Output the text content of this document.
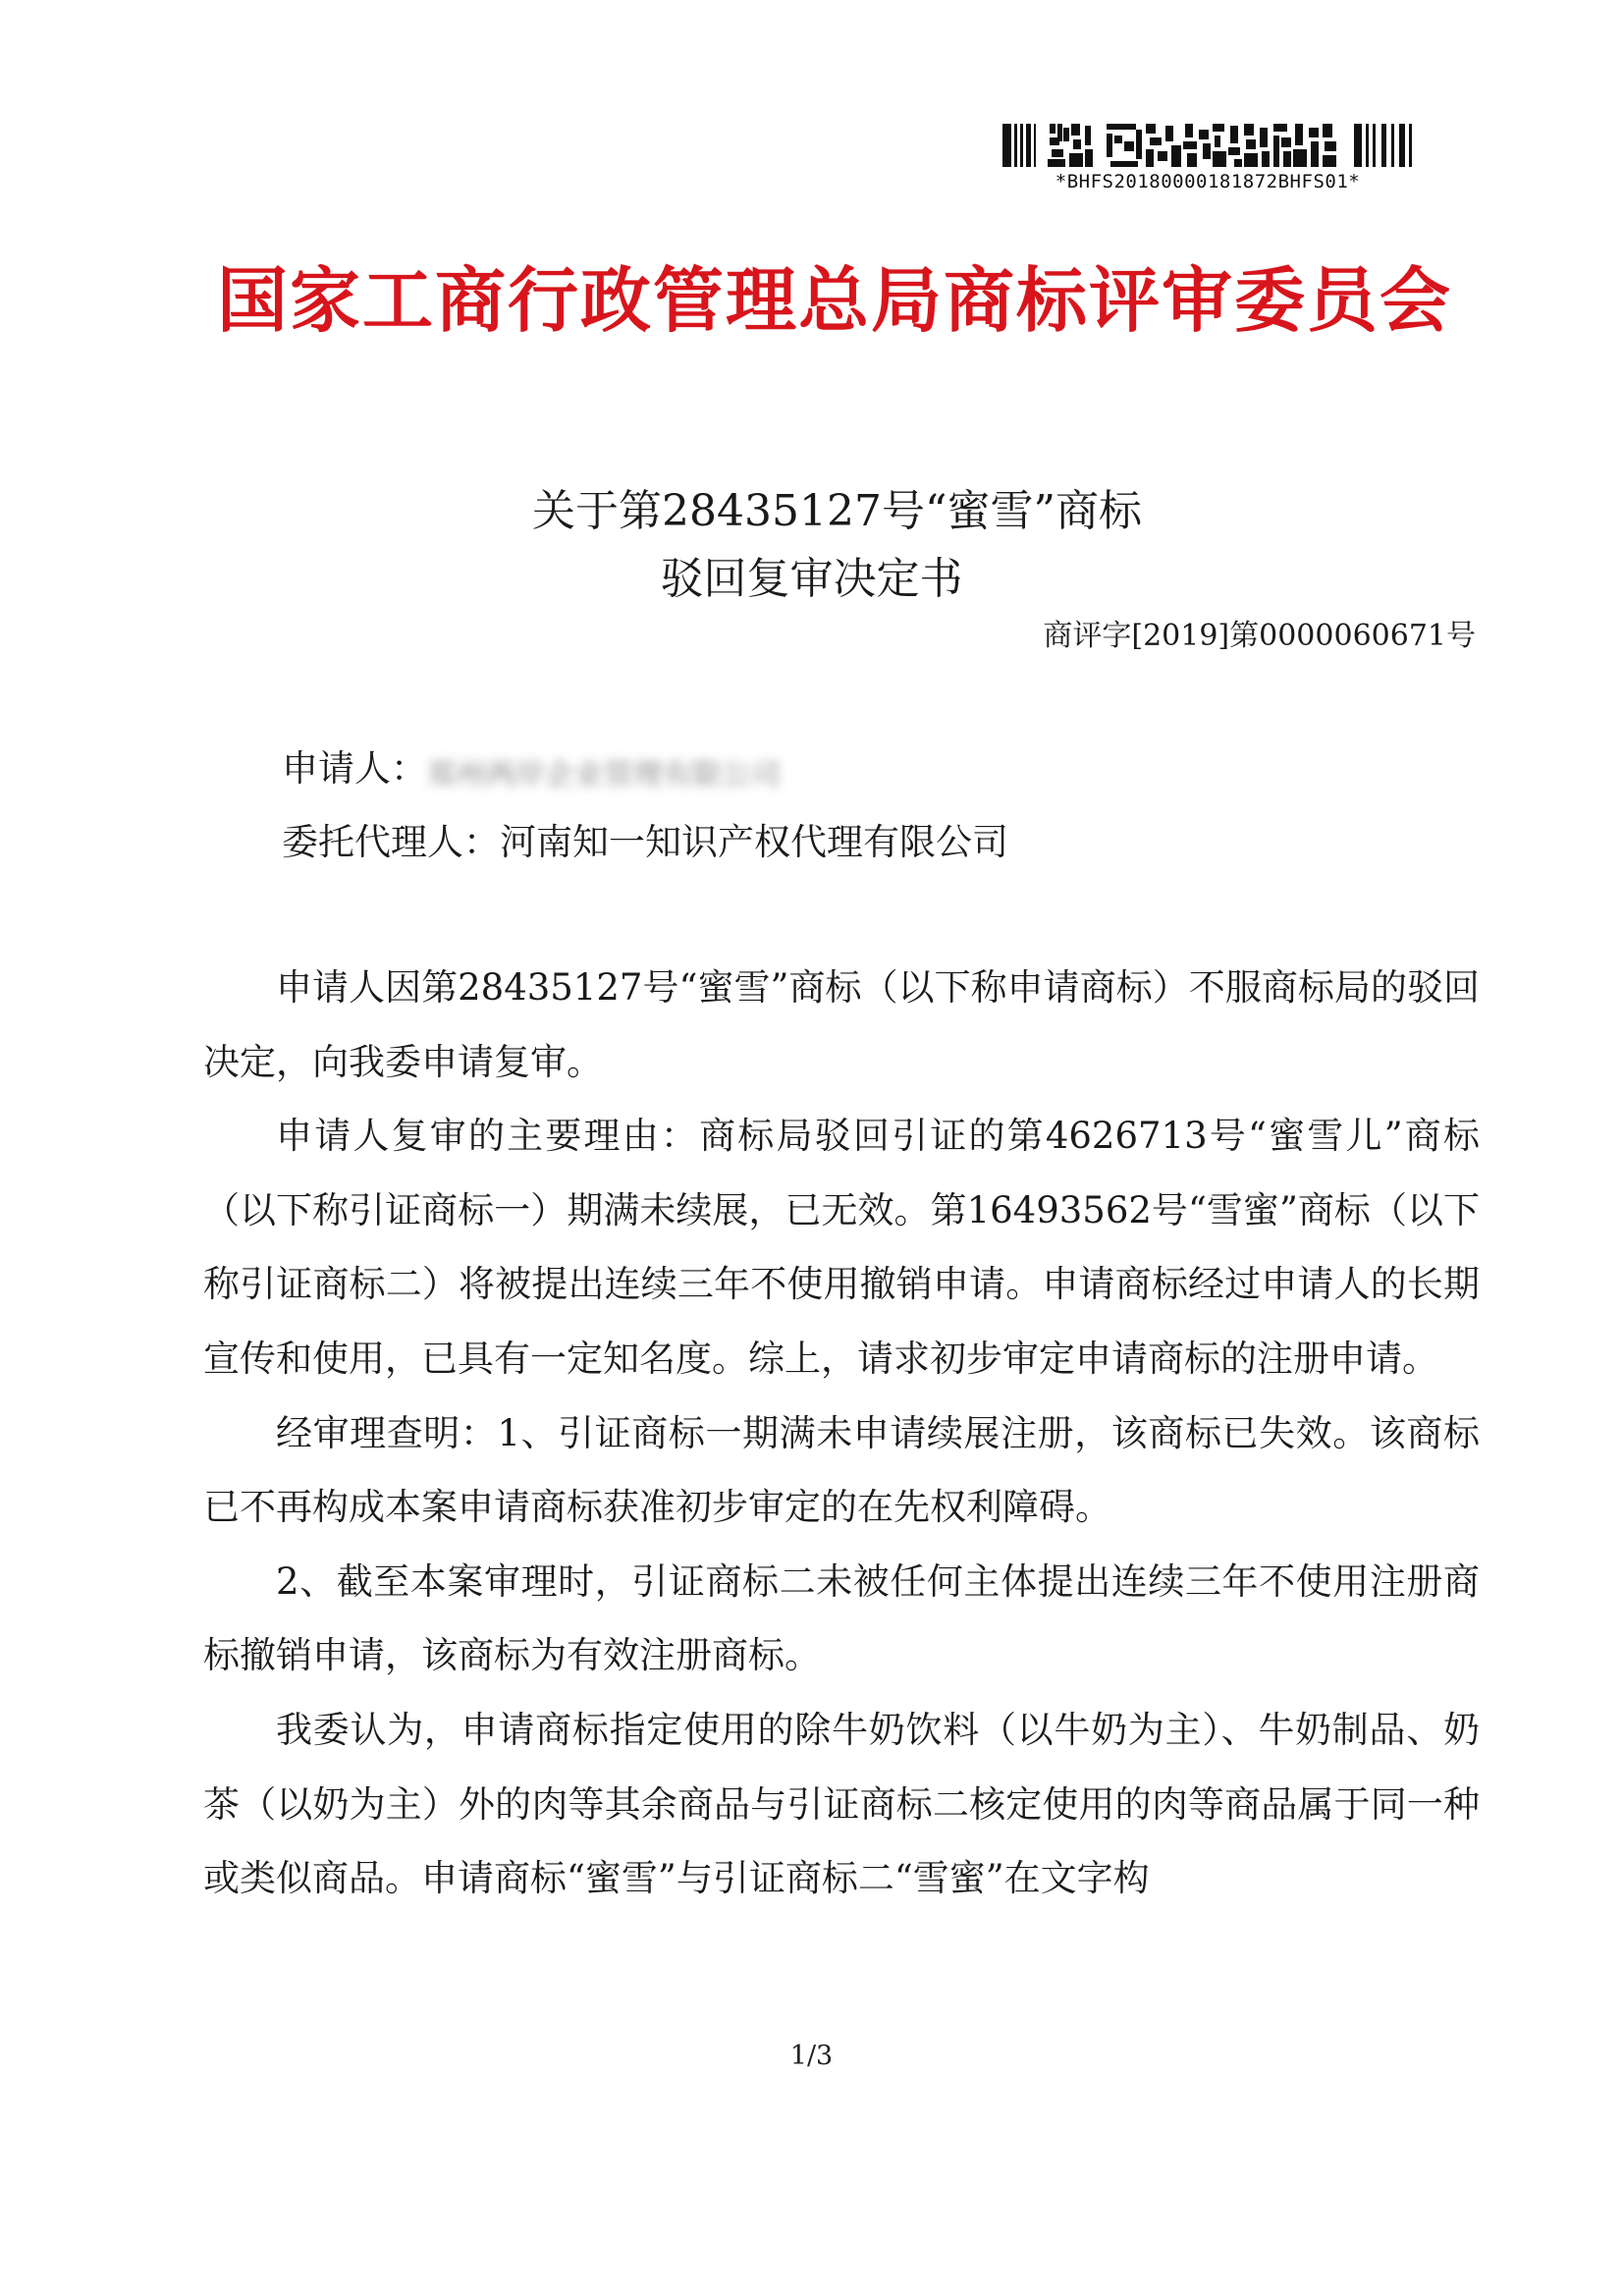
*BHFS20180000181872BHFS01*
国家工商行政管理总局商标评审委员会
关于第28435127号“蜜雪”商标
驳回复审决定书
商评字[2019]第0000060671号
申请人：郑州两岸企业管理有限公司
委托代理人：河南知一知识产权代理有限公司

申请人因第28435127号“蜜雪”商标（以下称申请商标）不服商标局的驳回决定，向我委申请复审。

申请人复审的主要理由：商标局驳回引证的第4626713号“蜜雪儿”商标（以下称引证商标一）期满未续展，已无效。第16493562号“雪蜜”商标（以下称引证商标二）将被提出连续三年不使用撤销申请。申请商标经过申请人的长期宣传和使用，已具有一定知名度。综上，请求初步审定申请商标的注册申请。

经审理查明：1、引证商标一期满未申请续展注册，该商标已失效。该商标已不再构成本案申请商标获准初步审定的在先权利障碍。

2、截至本案审理时，引证商标二未被任何主体提出连续三年不使用注册商标撤销申请，该商标为有效注册商标。

我委认为，申请商标指定使用的除牛奶饮料（以牛奶为主）、牛奶制品、奶茶（以奶为主）外的肉等其余商品与引证商标二核定使用的肉等商品属于同一种或类似商品。申请商标“蜜雪”与引证商标二“雪蜜”在文字构

1/3
